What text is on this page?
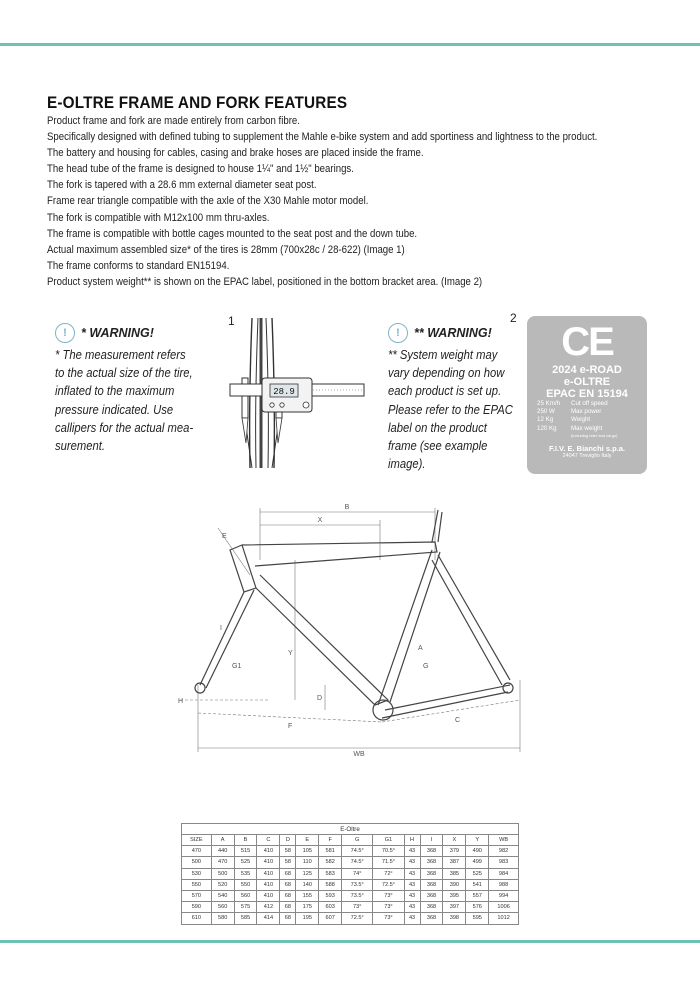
E-OLTRE FRAME AND FORK FEATURES
Product frame and fork are made entirely from carbon fibre.
Specifically designed with defined tubing to supplement the Mahle e-bike system and add sportiness and lightness to the product.
The battery and housing for cables, casing and brake hoses are placed inside the frame.
The head tube of the frame is designed to house 1¼" and 1½" bearings.
The fork is tapered with a 28.6 mm external diameter seat post.
Frame rear triangle compatible with the axle of the X30 Mahle motor model.
The fork is compatible with M12x100 mm thru-axles.
The frame is compatible with bottle cages mounted to the seat post and the down tube.
Actual maximum assembled size* of the tires is 28mm (700x28c / 28-622) (Image 1)
The frame conforms to standard EN15194.
Product system weight** is shown on the EPAC label, positioned in the bottom bracket area. (Image 2)
!	* WARNING!

* The measurement refers
to the actual size of the tire,
inflated to the maximum
pressure indicated. Use
callipers for the actual mea-
surement.

1
28.9
!	** WARNING!

** System weight may
vary depending on how
each product is set up.
Please refer to the EPAC
label on the product
frame (see example
image).

2
CE
2024 e-ROAD
e-OLTRE
EPAC EN 15194
25 Km/h	Cut off speed
250 W	Max power
12 Kg	Weight
120 Kg	Max weight
(including rider and cargo)
F.I.V. E. Bianchi s.p.a.
24047 Treviglio Italy
B
X
E
Y
D
A
G
G1
H
F
C
I
WB
E-Oltre													
SIZE	A	B	C	D	E	F	G	G1	H	I	X	Y	WB
470	440	515	410	58	105	581	74.5°	70.5°	43	368	379	490	982
500	470	525	410	58	110	582	74.5°	71.5°	43	368	387	499	983
530	500	535	410	68	125	583	74°	72°	43	368	385	525	984
550	520	550	410	68	140	588	73.5°	72.5°	43	368	390	541	988
570	540	560	410	68	155	593	73.5°	73°	43	368	395	557	994
590	560	575	412	68	175	603	73°	73°	43	368	397	576	1006
610	580	585	414	68	195	607	72.5°	73°	43	368	398	595	1012
